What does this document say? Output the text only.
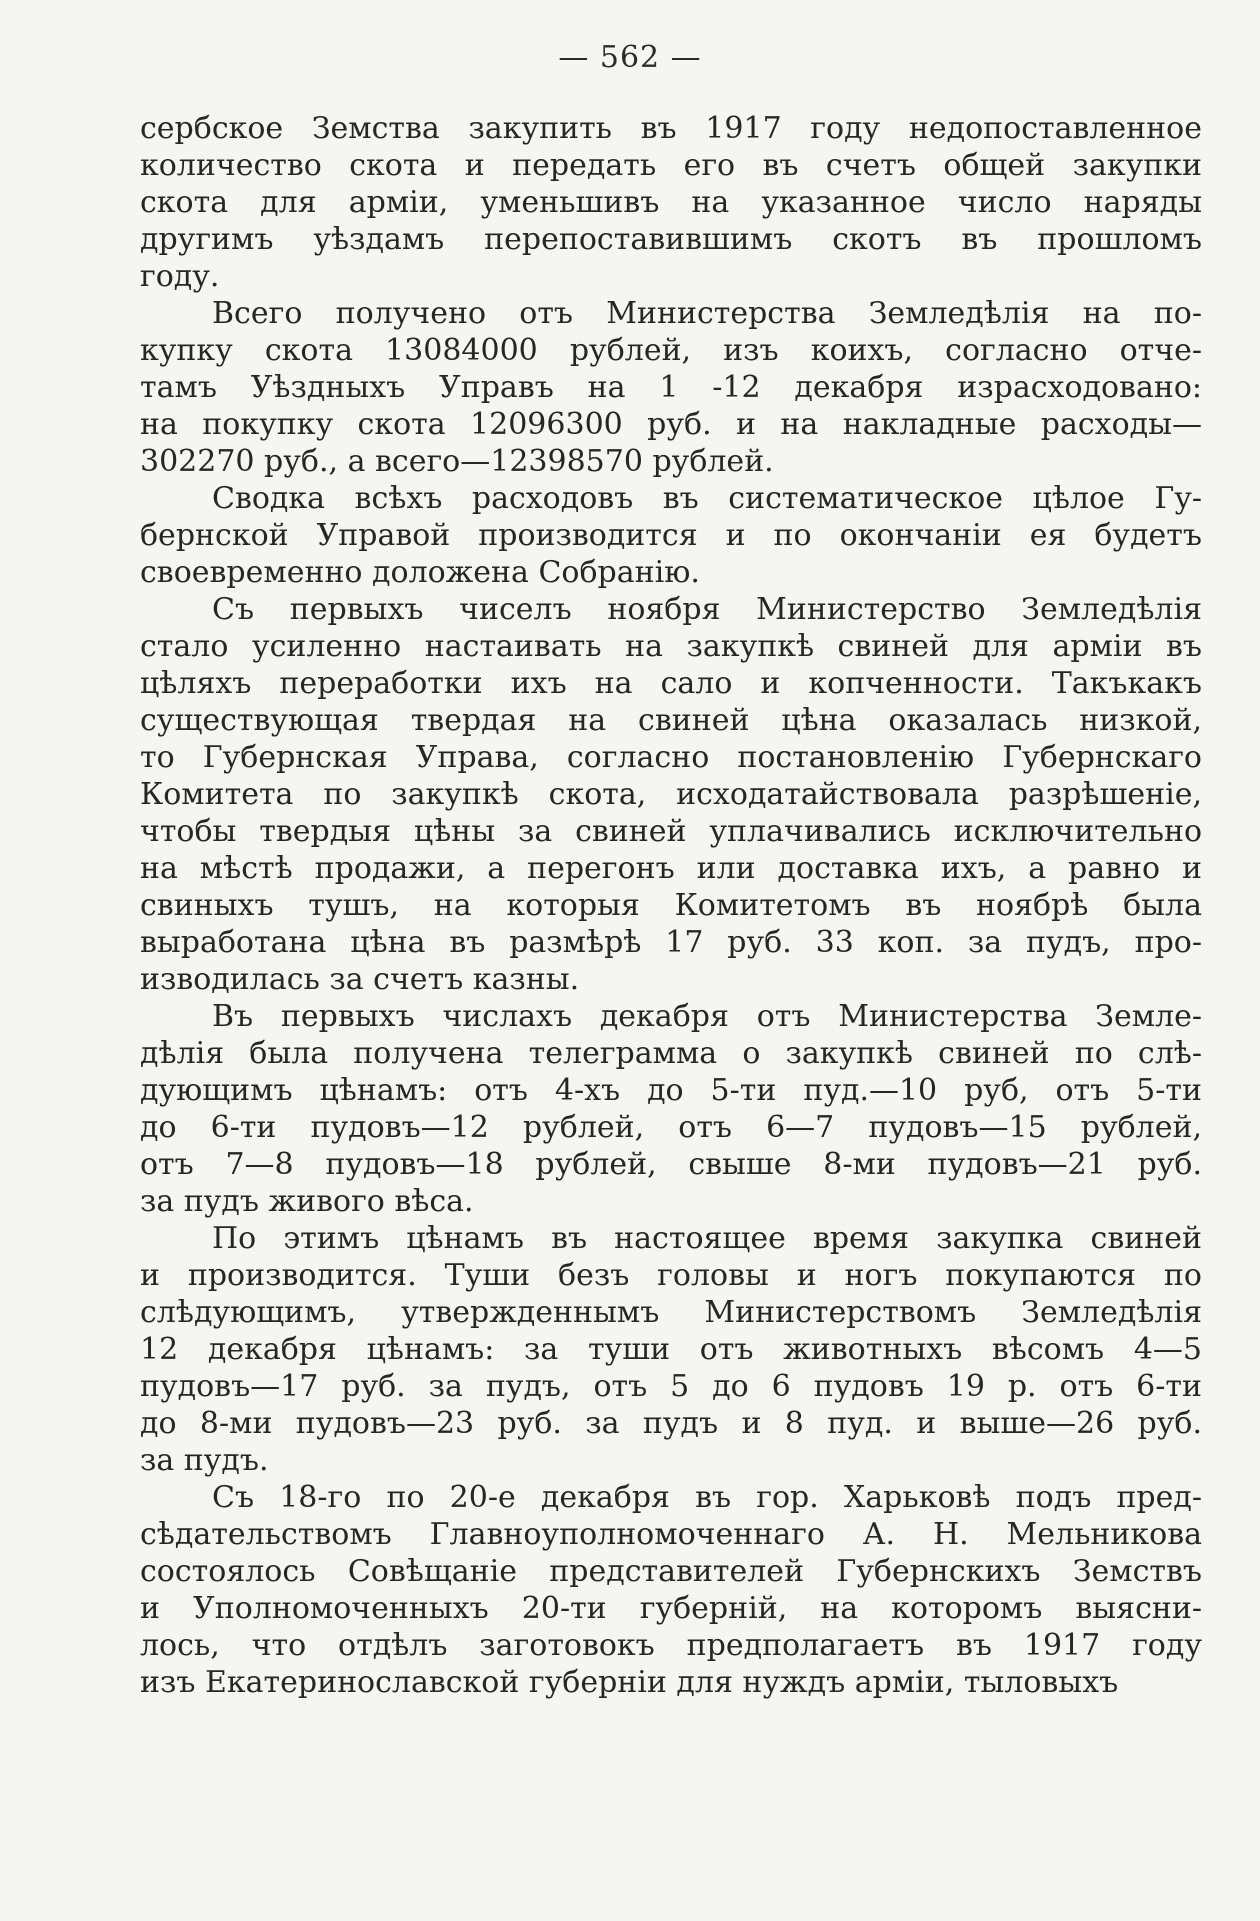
— 562 —
сербское Земства закупить въ 1917 году недопоставленное
количество скота и передать его въ счетъ общей закупки
скота для армiи, уменьшивъ на указанное число наряды
другимъ уѣздамъ перепоставившимъ скотъ въ прошломъ
году.
Всего получено отъ Министерства Земледѣлія на по-
купку скота 13084000 рублей, изъ коихъ, согласно отче-
тамъ Уѣздныхъ Управъ на 1 -12 декабря израсходовано:
на покупку скота 12096300 руб. и на накладные расходы—
302270 руб., а всего—12398570 рублей.
Сводка всѣхъ расходовъ въ систематическое цѣлое Гу-
бернской Управой производится и по окончанiи ея будетъ
своевременно доложена Собранію.
Съ первыхъ чиселъ ноября Министерство Земледѣлія
стало усиленно настаивать на закупкѣ свиней для армiи въ
цѣляхъ переработки ихъ на сало и копченности. Такъкакъ
существующая твердая на свиней цѣна оказалась низкой,
то Губернская Управа, согласно постановленію Губернскаго
Комитета по закупкѣ скота, исходатайствовала разрѣшеніе,
чтобы твердыя цѣны за свиней уплачивались исключительно
на мѣстѣ продажи, а перегонъ или доставка ихъ, а равно и
свиныхъ тушъ, на которыя Комитетомъ въ ноябрѣ была
выработана цѣна въ размѣрѣ 17 руб. 33 коп. за пудъ, про-
изводилась за счетъ казны.
Въ первыхъ числахъ декабря отъ Министерства Земле-
дѣлія была получена телеграмма о закупкѣ свиней по слѣ-
дующимъ цѣнамъ: отъ 4-хъ до 5-ти пуд.—10 руб, отъ 5-ти
до 6-ти пудовъ—12 рублей, отъ 6—7 пудовъ—15 рублей,
отъ 7—8 пудовъ—18 рублей, свыше 8-ми пудовъ—21 руб.
за пудъ живого вѣса.
По этимъ цѣнамъ въ настоящее время закупка свиней
и производится. Туши безъ головы и ногъ покупаются по
слѣдующимъ, утвержденнымъ Министерствомъ Земледѣлія
12 декабря цѣнамъ: за туши отъ животныхъ вѣсомъ 4—5
пудовъ—17 руб. за пудъ, отъ 5 до 6 пудовъ 19 р. отъ 6-ти
до 8-ми пудовъ—23 руб. за пудъ и 8 пуд. и выше—26 руб.
за пудъ.
Съ 18-го по 20-е декабря въ гор. Харьковѣ подъ пред-
сѣдательствомъ Главноуполномоченнаго А. Н. Мельникова
состоялось Совѣщаніе представителей Губернскихъ Земствъ
и Уполномоченныхъ 20-ти губерній, на которомъ выясни-
лось, что отдѣлъ заготовокъ предполагаетъ въ 1917 году
изъ Екатеринославской губерніи для нуждъ армiи, тыловыхъ
